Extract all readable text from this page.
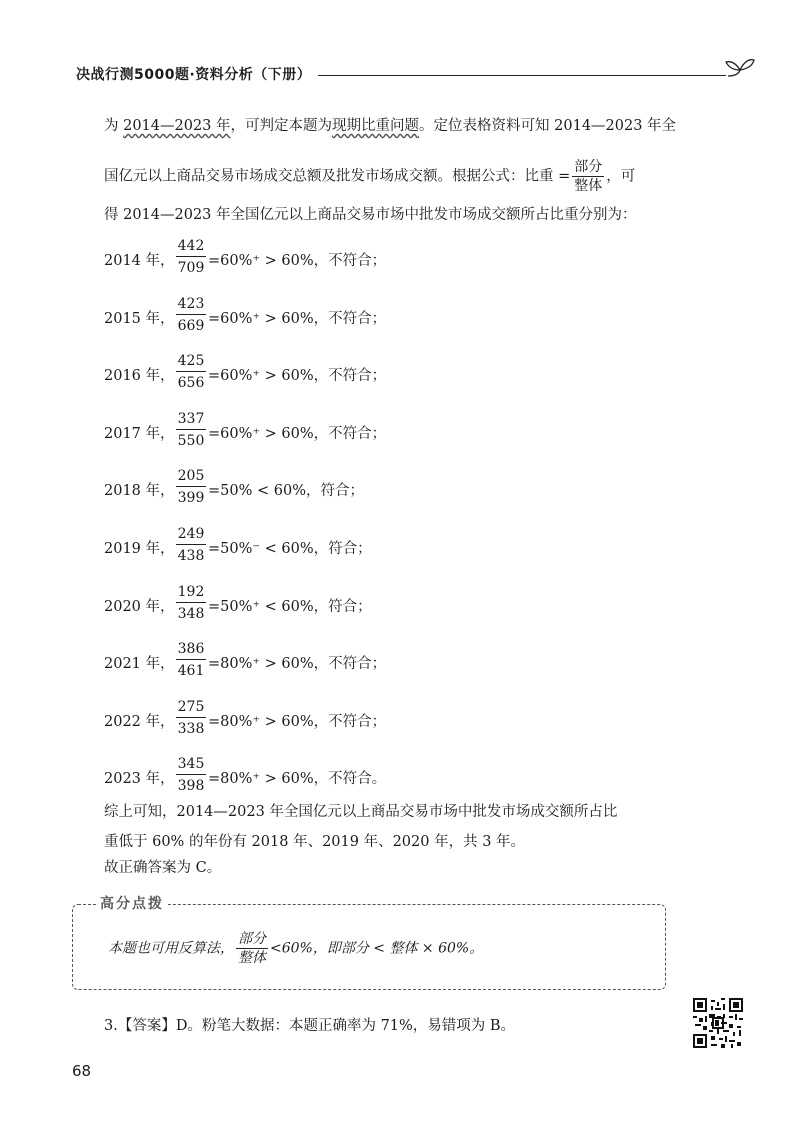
决战行测5000题·资料分析（下册）
为 2014—2023 年，可判定本题为现期比重问题。定位表格资料可知 2014—2023 年全
国亿元以上商品交易市场成交总额及批发市场成交额。根据公式：比重 =
部分
整体
，可
得 2014—2023 年全国亿元以上商品交易市场中批发市场成交额所占比重分别为：
2014 年， $\frac{442}{709} =60\%^+ > 60\%$，不符合；
2015 年， $\frac{423}{669} =60\%^+ > 60\%$，不符合；
2016 年， $\frac{425}{656} =60\%^+ > 60\%$，不符合；
2017 年， $\frac{337}{550} =60\%^+ > 60\%$，不符合；
2018 年， $\frac{205}{399} =50\% < 60\%$，符合；
2019 年， $\frac{249}{438} =50\%^- < 60\%$，符合；
2020 年， $\frac{192}{348} =50\%^+ < 60\%$，符合；
2021 年， $\frac{386}{461} =80\%^+ > 60\%$，不符合；
2022 年， $\frac{275}{338} =80\%^+ > 60\%$，不符合；
2023 年， $\frac{345}{398} =80\%^+ > 60\%$，不符合。
综上可知，2014—2023 年全国亿元以上商品交易市场中批发市场成交额所占比
重低于 60% 的年份有 2018 年、2019 年、2020 年，共 3 年。
故正确答案为 C。
高分点拨
本题也可用反算法，
部分
整体
<60%，即部分 < 整体 × 60%。
3.【答案】D。粉笔大数据：本题正确率为 71%，易错项为 B。
68
